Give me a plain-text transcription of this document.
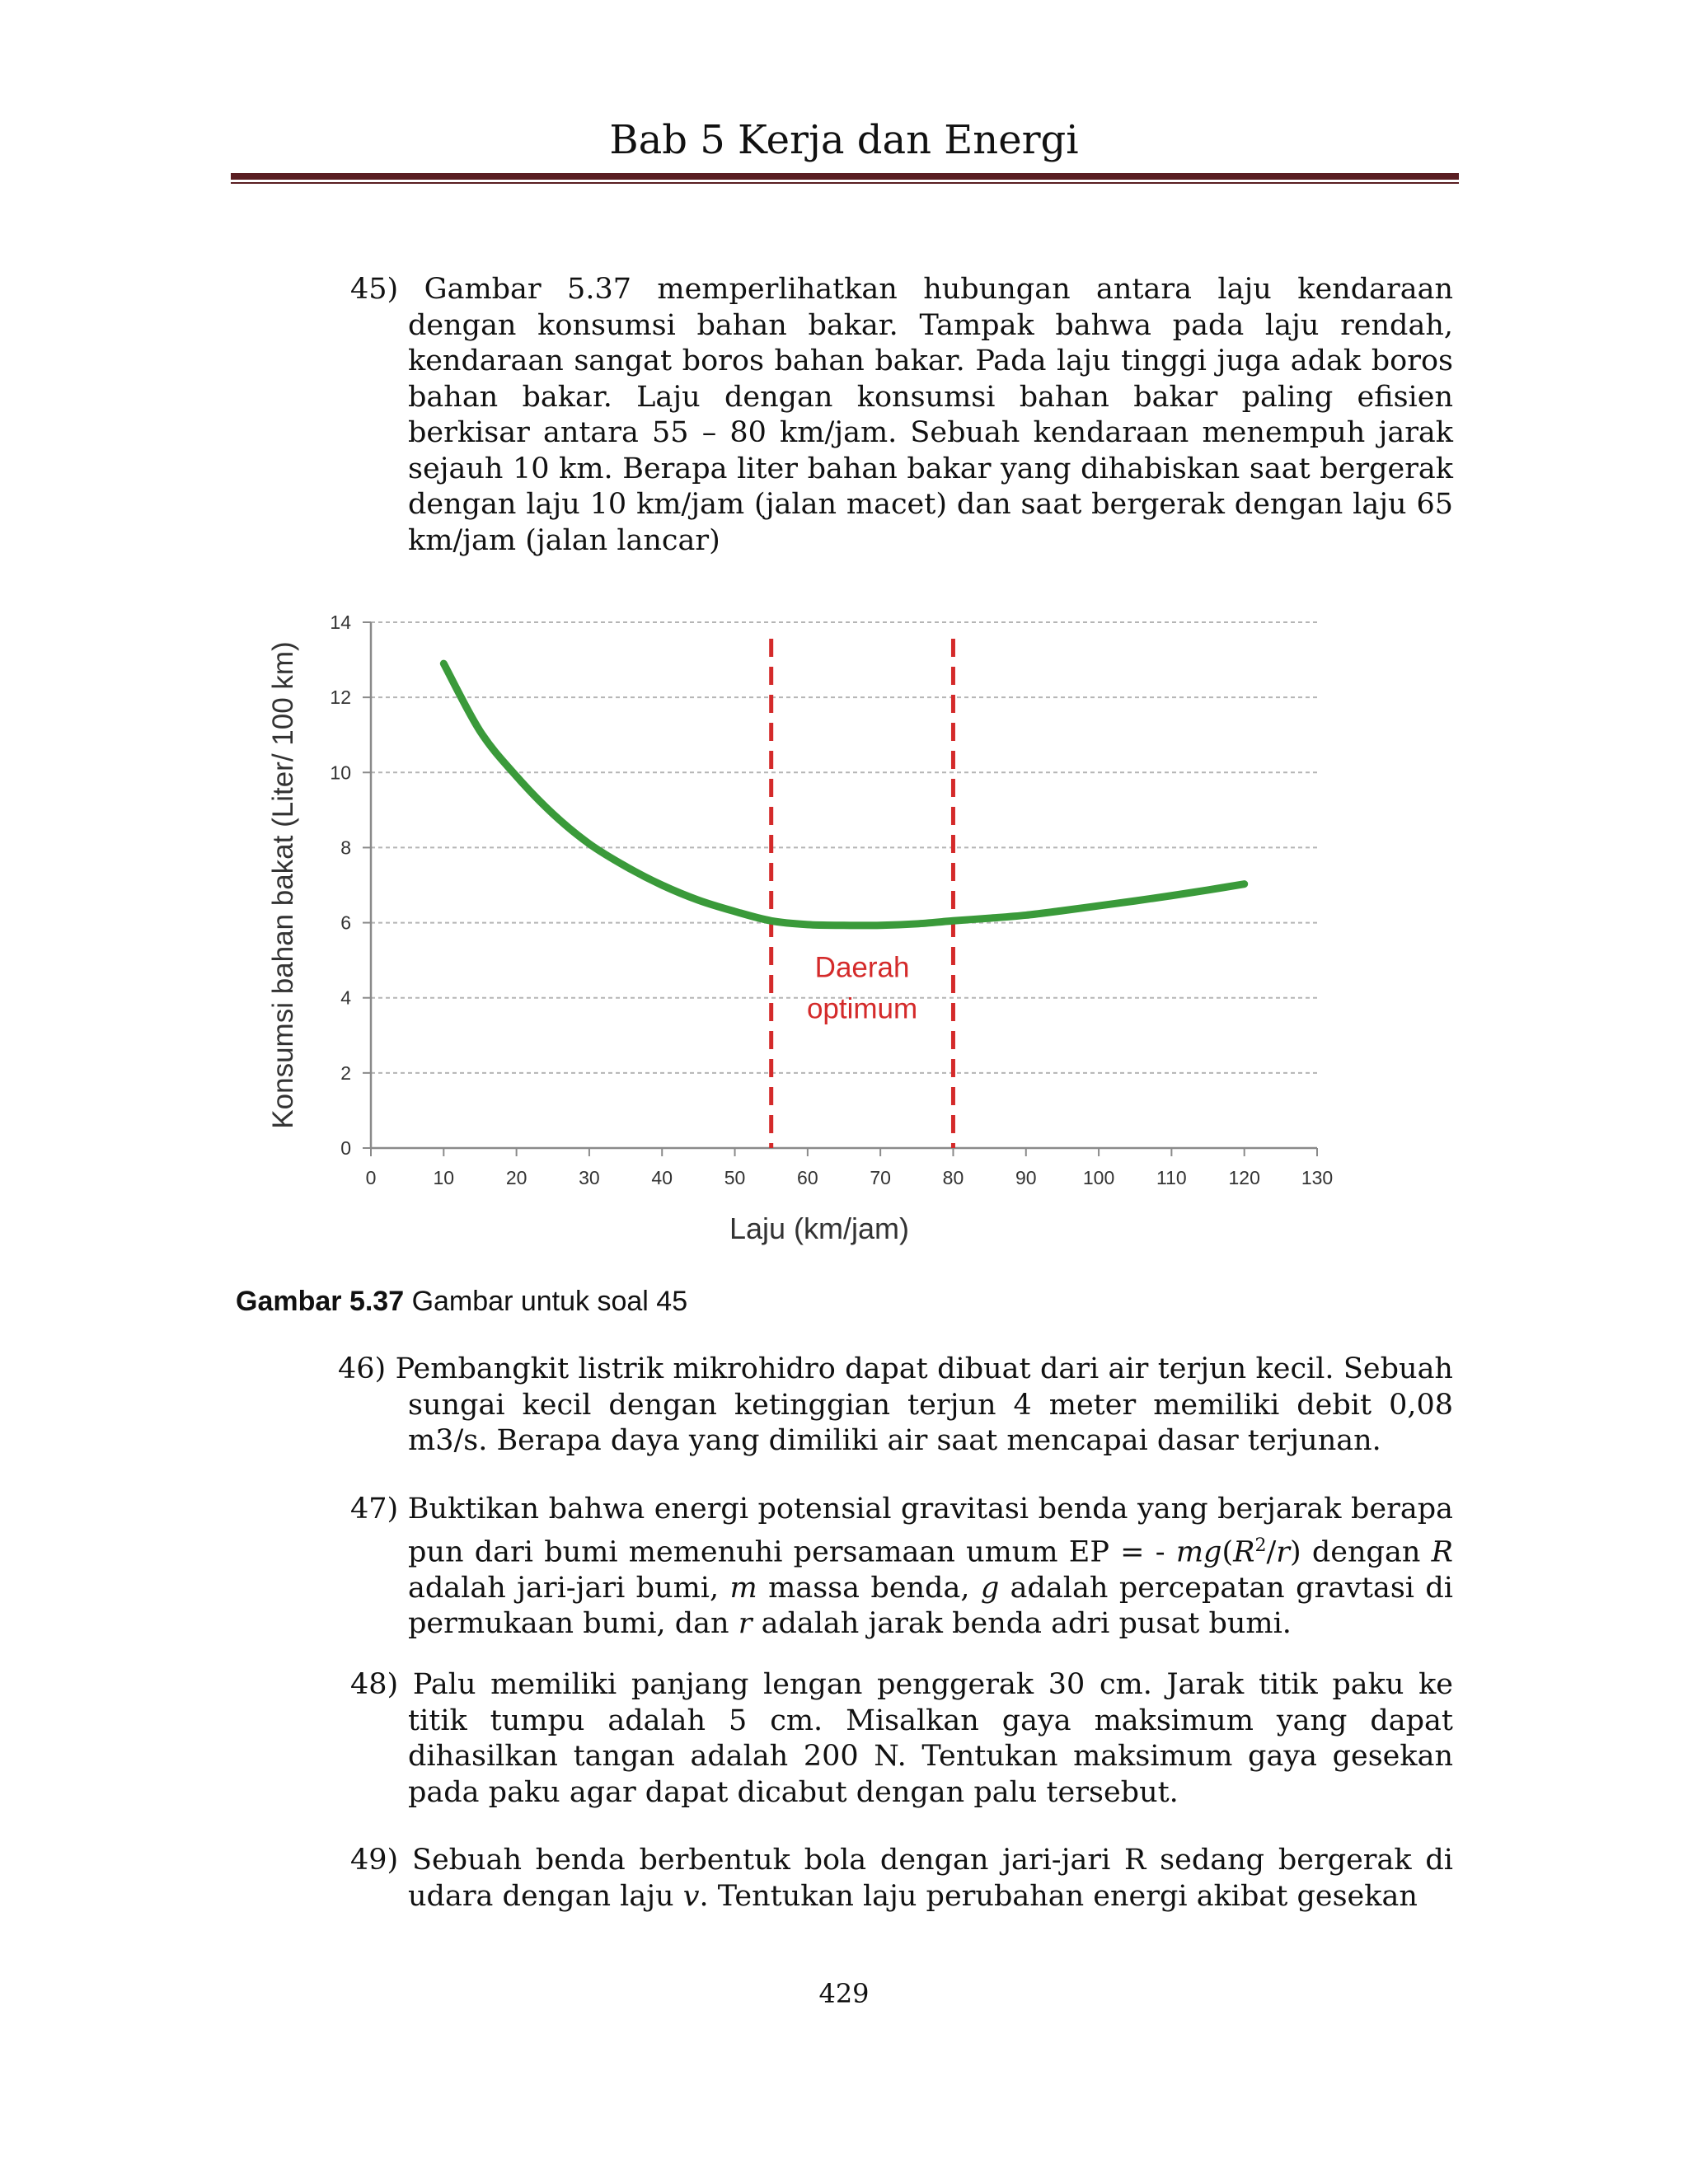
Bab 5 Kerja dan Energi

45) Gambar 5.37 memperlihatkan hubungan antara laju kendaraan dengan konsumsi bahan bakar. Tampak bahwa pada laju rendah, kendaraan sangat boros bahan bakar. Pada laju tinggi juga adak boros bahan bakar. Laju dengan konsumsi bahan bakar paling efisien berkisar antara 55 – 80 km/jam. Sebuah kendaraan menempuh jarak sejauh 10 km. Berapa liter bahan bakar yang dihabiskan saat bergerak dengan laju 10 km/jam (jalan macet) dan saat bergerak dengan laju 65 km/jam (jalan lancar)

0
2
4
6
8
10
12
14
0	10	20	30	40	50	60	70	80	90 100 110 120 130
Laju (km/jam)
Konsumsi bahan bakat (Liter/ 100 km)	Daerah
optimum
Gambar 5.37 Gambar untuk soal 45

46) Pembangkit listrik mikrohidro dapat dibuat dari air terjun kecil. Sebuah sungai kecil dengan ketinggian terjun 4 meter memiliki debit 0,08 m3/s. Berapa daya yang dimiliki air saat mencapai dasar terjunan.

47) Buktikan bahwa energi potensial gravitasi benda yang berjarak berapa pun dari bumi memenuhi persamaan umum EP = - $mg(R^2/r)$ dengan R adalah jari-jari bumi, m massa benda, g adalah percepatan gravtasi di permukaan bumi, dan r adalah jarak benda adri pusat bumi.

48) Palu memiliki panjang lengan penggerak 30 cm. Jarak titik paku ke titik tumpu adalah 5 cm. Misalkan gaya maksimum yang dapat dihasilkan tangan adalah 200 N. Tentukan maksimum gaya gesekan pada paku agar dapat dicabut dengan palu tersebut.

49) Sebuah benda berbentuk bola dengan jari-jari R sedang bergerak di udara dengan laju v. Tentukan laju perubahan energi akibat gesekan

429
